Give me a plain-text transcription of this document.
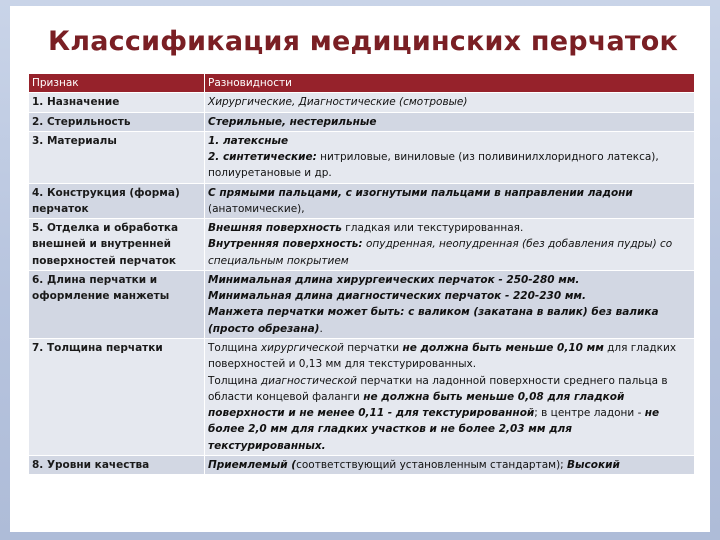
Классификация медицинских перчаток
Признак	Разновидности
1. Назначение	Хирургические, Диагностические (смотровые)
2. Стерильность	Стерильные, нестерильные
3. Материалы	1. латексные
2. синтетические: нитриловые, виниловые (из поливинилхлоридного латекса), полиуретановые и др.
4. Конструкция (форма) перчаток	С прямыми пальцами, с изогнутыми пальцами в направлении ладони (анатомические),
5. Отделка и обработка внешней и внутренней поверхностей перчаток	Внешняя поверхность гладкая или текстурированная.
Внутренняя поверхность: опудренная, неопудренная (без добавления пудры) со специальным покрытием
6. Длина перчатки и оформление манжеты	Минимальная длина хирургеических перчаток - 250-280 мм.
Минимальная длина диагностических перчаток - 220-230 мм.
Манжета перчатки может быть: с валиком (закатана в валик) без валика (просто обрезана).
7. Толщина перчатки	Толщина хирургической перчатки не должна быть меньше 0,10 мм для гладких поверхностей и 0,13 мм для текстурированных.
Толщина диагностической перчатки на ладонной поверхности среднего пальца в области концевой фаланги не должна быть меньше 0,08 для гладкой поверхности и не менее 0,11 - для текстурированной; в центре ладони - не более 2,0 мм для гладких участков и не более 2,03 мм для текстурированных.
8. Уровни качества	Приемлемый (соответствующий установленным стандартам); Высокий
fppt.com
